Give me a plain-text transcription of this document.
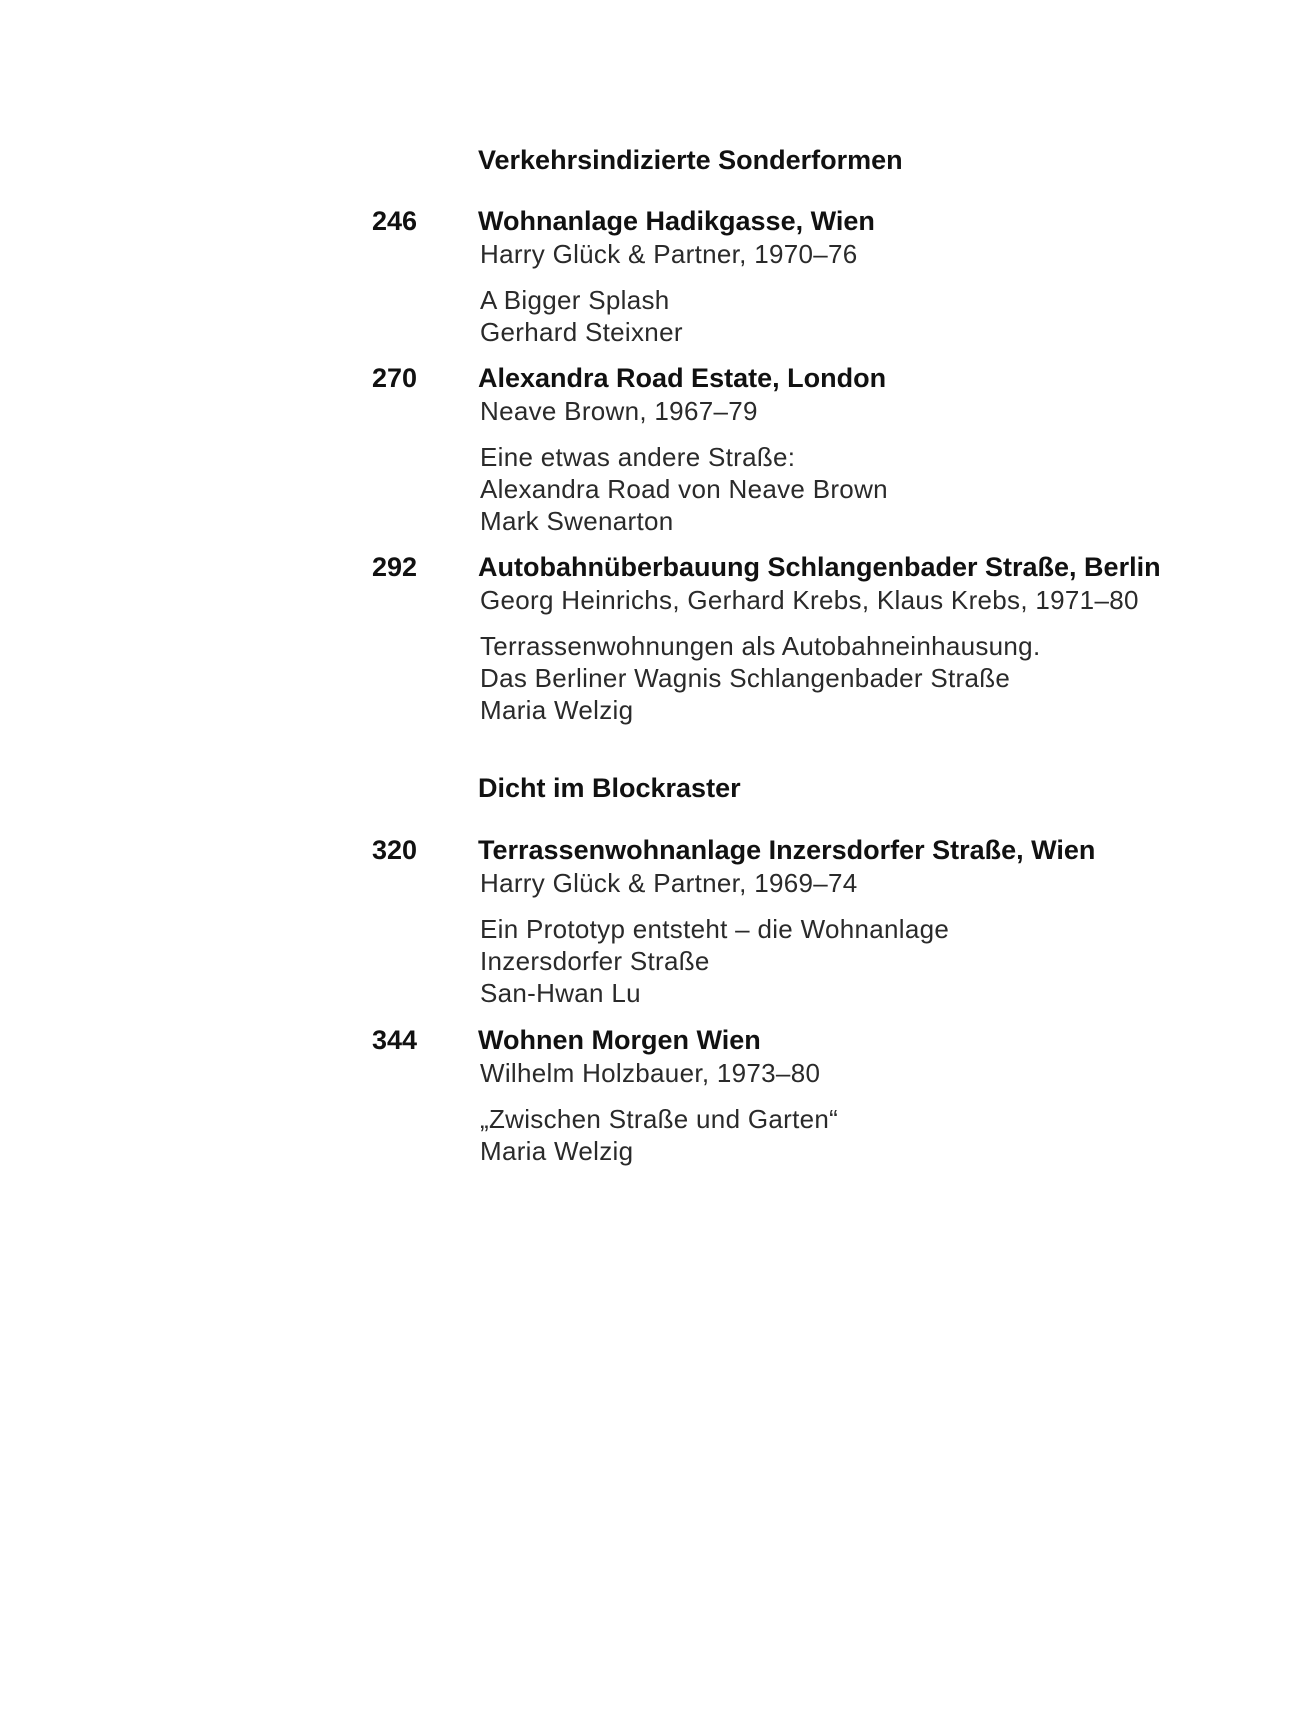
Verkehrsindizierte Sonderformen
246 Wohnanlage Hadikgasse, Wien
Harry Glück & Partner, 1970–76
A Bigger Splash
Gerhard Steixner
270 Alexandra Road Estate, London
Neave Brown, 1967–79
Eine etwas andere Straße:
Alexandra Road von Neave Brown
Mark Swenarton
292 Autobahnüberbauung Schlangenbader Straße, Berlin
Georg Heinrichs, Gerhard Krebs, Klaus Krebs, 1971–80
Terrassenwohnungen als Autobahneinhausung.
Das Berliner Wagnis Schlangenbader Straße
Maria Welzig
Dicht im Blockraster
320 Terrassenwohnanlage Inzersdorfer Straße, Wien
Harry Glück & Partner, 1969–74
Ein Prototyp entsteht – die Wohnanlage
Inzersdorfer Straße
San-Hwan Lu
344 Wohnen Morgen Wien
Wilhelm Holzbauer, 1973–80
„Zwischen Straße und Garten“
Maria Welzig
